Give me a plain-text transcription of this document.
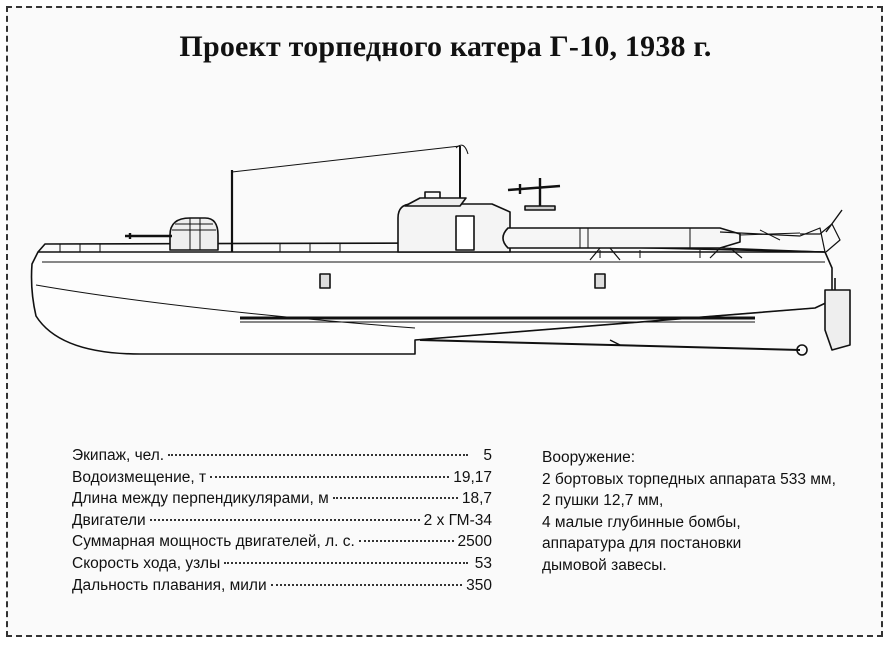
Проект торпедного катера Г-10, 1938 г.
Экипаж, чел.	5
Водоизмещение, т	19,17
Длина между перпендикулярами, м	18,7
Двигатели	2 х ГМ-34
Суммарная мощность двигателей, л. с.	2500
Скорость хода, узлы	53
Дальность плавания, мили	350
Вооружение:
2 бортовых торпедных аппарата 533 мм,
2 пушки 12,7 мм,
4 малые глубинные бомбы,
аппаратура для постановки
дымовой завесы.
